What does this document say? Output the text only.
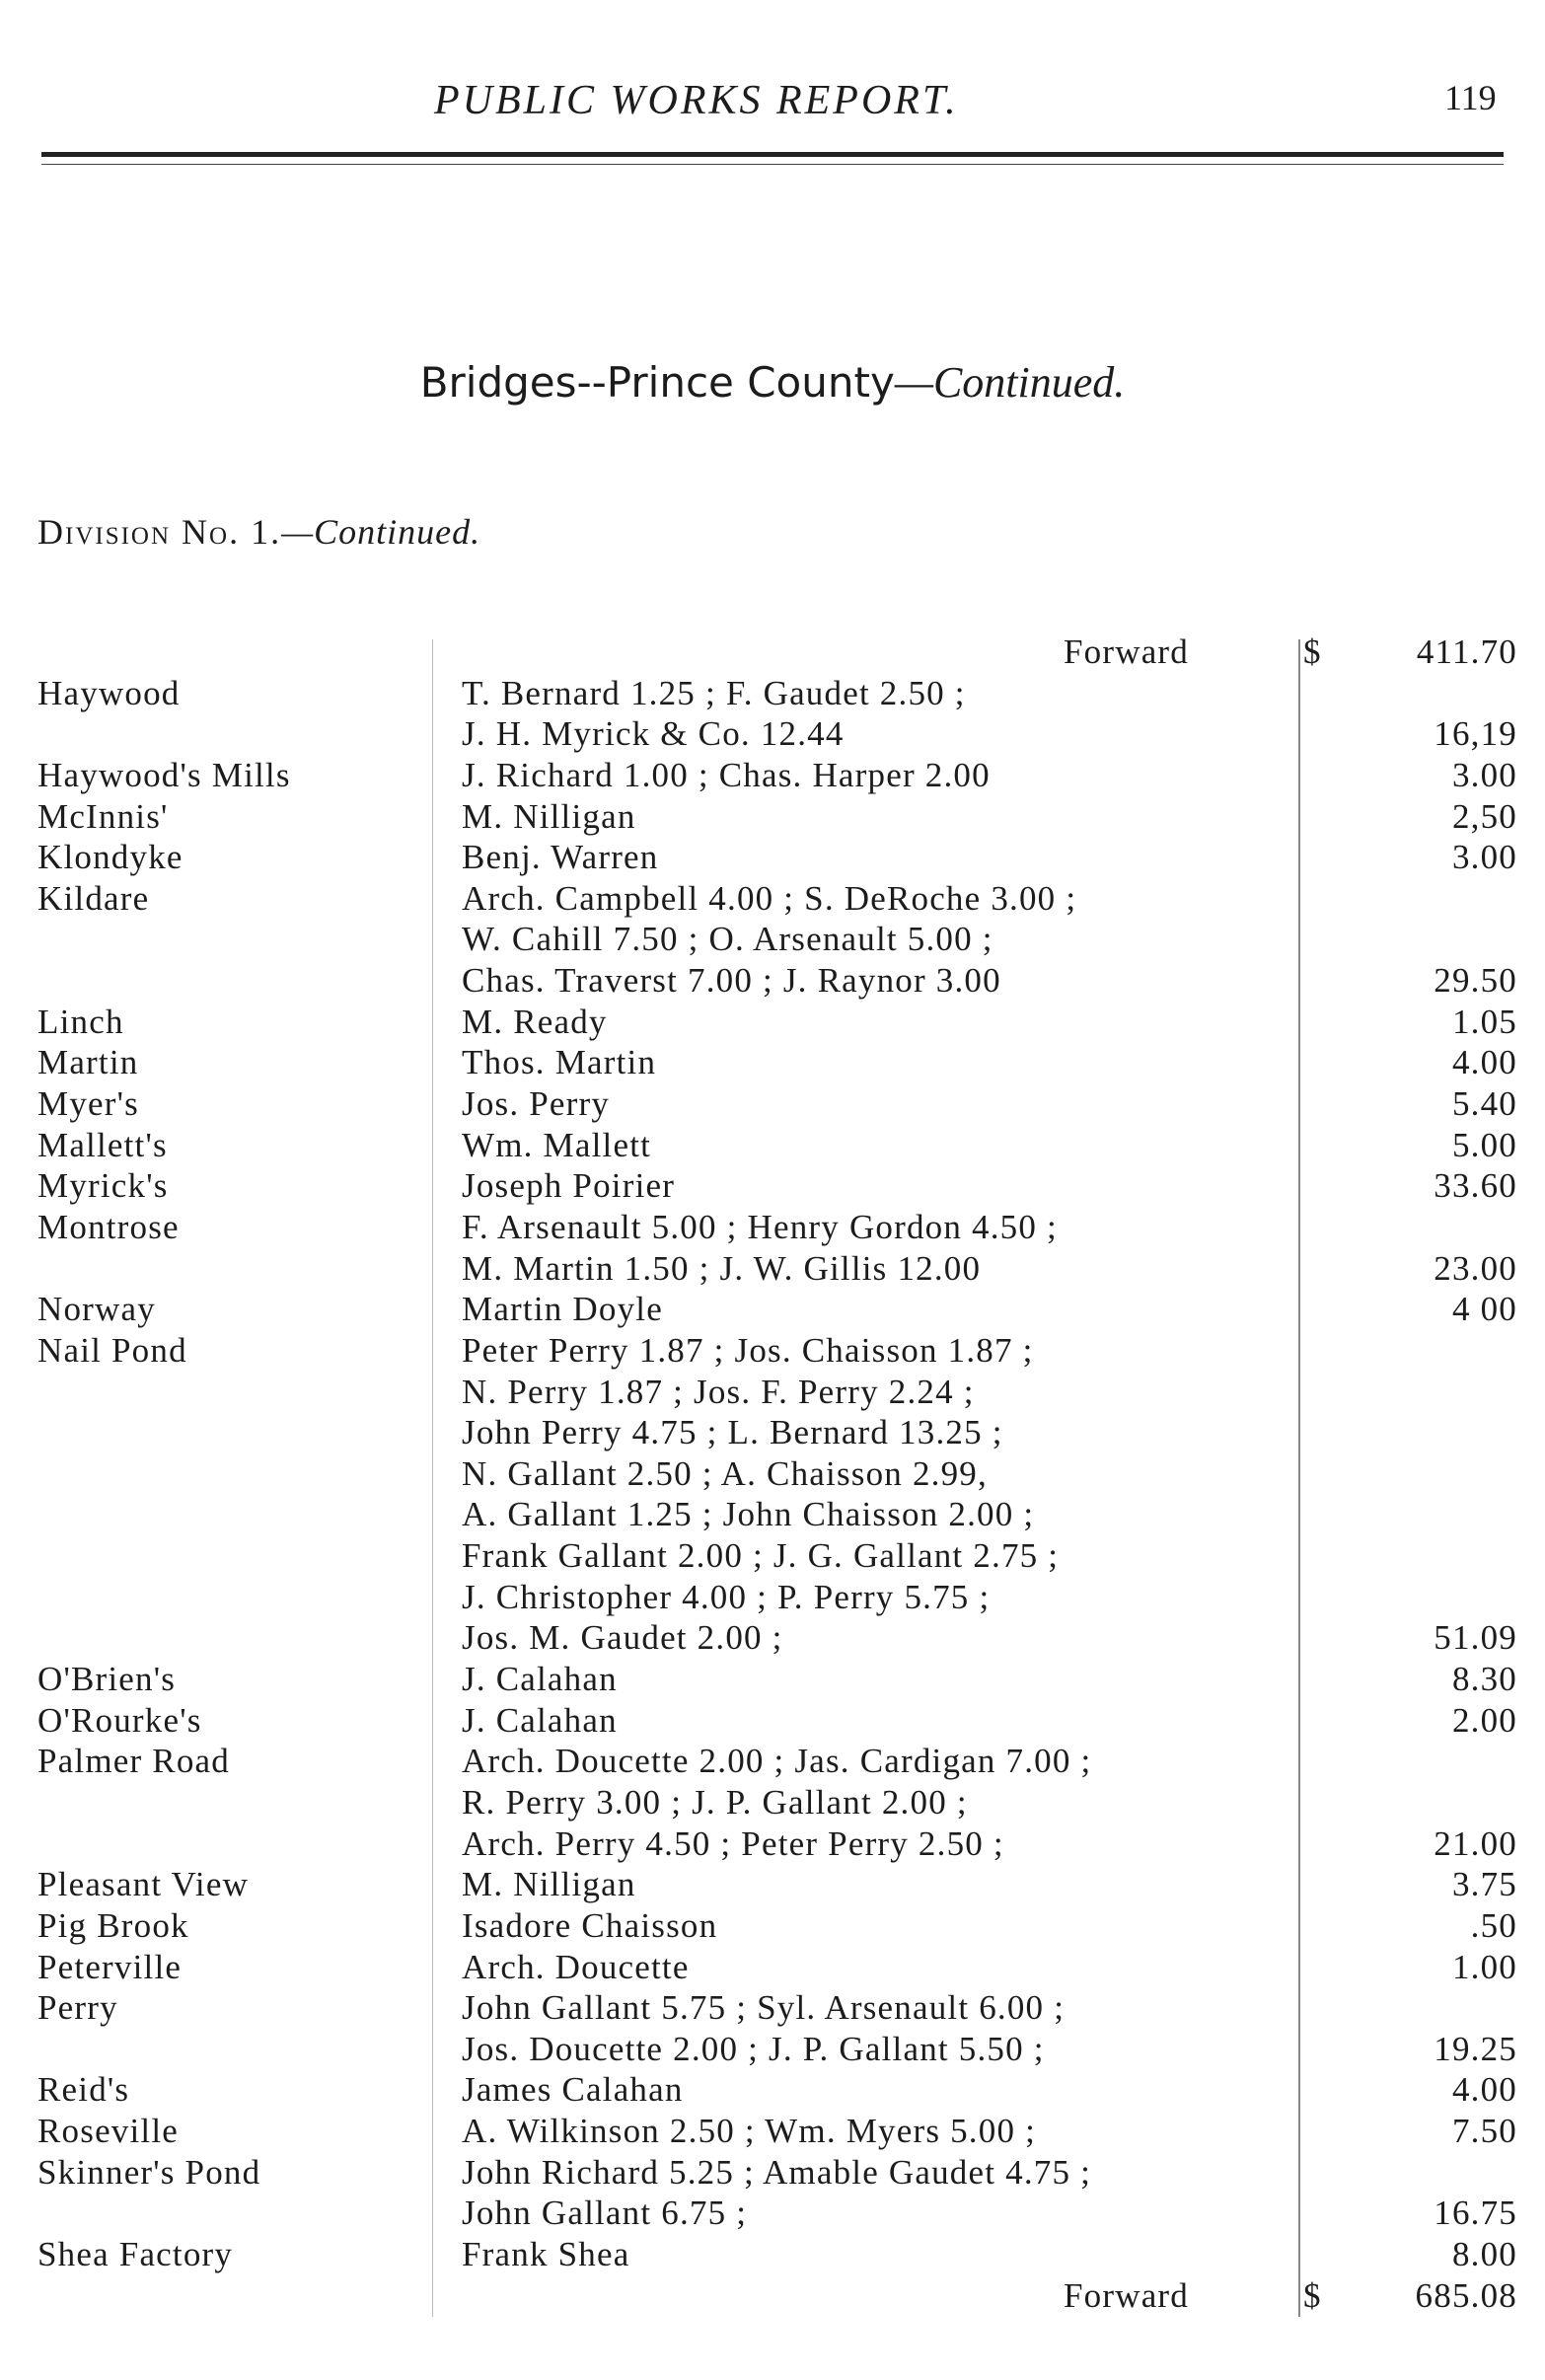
PUBLIC WORKS REPORT.	119
Bridges--Prince County—Continued.
Division No. 1.—Continued.
Forward	$	411.70
Haywood	T. Bernard 1.25 ; F. Gaudet 2.50 ;
J. H. Myrick & Co. 12.44	16,19
Haywood's Mills	J. Richard 1.00 ; Chas. Harper 2.00	3.00
McInnis'	M. Nilligan	2,50
Klondyke	Benj. Warren	3.00
Kildare	Arch. Campbell 4.00 ; S. DeRoche 3.00 ;
W. Cahill 7.50 ; O. Arsenault 5.00 ;
Chas. Traverst 7.00 ; J. Raynor 3.00	29.50
Linch	M. Ready	1.05
Martin	Thos. Martin	4.00
Myer's	Jos. Perry	5.40
Mallett's	Wm. Mallett	5.00
Myrick's	Joseph Poirier	33.60
Montrose	F. Arsenault 5.00 ; Henry Gordon 4.50 ;
M. Martin 1.50 ; J. W. Gillis 12.00	23.00
Norway	Martin Doyle	4 00
Nail Pond	Peter Perry 1.87 ; Jos. Chaisson 1.87 ;
N. Perry 1.87 ; Jos. F. Perry 2.24 ;
John Perry 4.75 ; L. Bernard 13.25 ;
N. Gallant 2.50 ; A. Chaisson 2.99,
A. Gallant 1.25 ; John Chaisson 2.00 ;
Frank Gallant 2.00 ; J. G. Gallant 2.75 ;
J. Christopher 4.00 ; P. Perry 5.75 ;
Jos. M. Gaudet 2.00 ;	51.09
O'Brien's	J. Calahan	8.30
O'Rourke's	J. Calahan	2.00
Palmer Road	Arch. Doucette 2.00 ; Jas. Cardigan 7.00 ;
R. Perry 3.00 ; J. P. Gallant 2.00 ;
Arch. Perry 4.50 ; Peter Perry 2.50 ;	21.00
Pleasant View	M. Nilligan	3.75
Pig Brook	Isadore Chaisson	.50
Peterville	Arch. Doucette	1.00
Perry	John Gallant 5.75 ; Syl. Arsenault 6.00 ;
Jos. Doucette 2.00 ; J. P. Gallant 5.50 ;	19.25
Reid's	James Calahan	4.00
Roseville	A. Wilkinson 2.50 ; Wm. Myers 5.00 ;	7.50
Skinner's Pond	John Richard 5.25 ; Amable Gaudet 4.75 ;
John Gallant 6.75 ;	16.75
Shea Factory	Frank Shea	8.00
Forward	$	685.08
